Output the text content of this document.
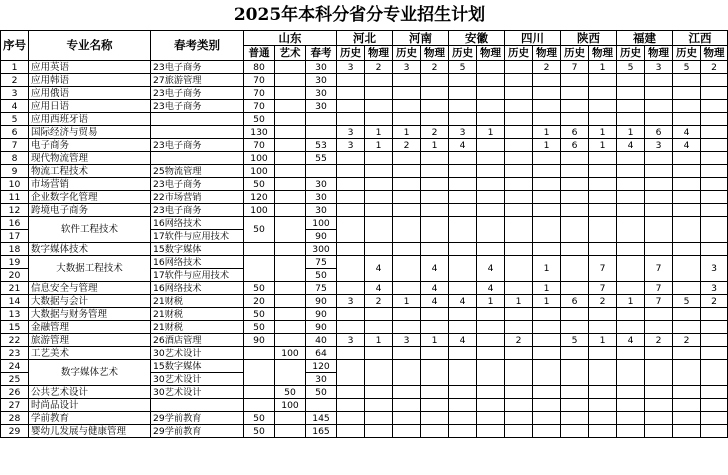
2025年本科分省分专业招生计划
序号	专业名称	春考类别	山东			河北		河南		安徽		四川		陕西		福建		江西	
			普通	艺术	春考	历史	物理	历史	物理	历史	物理	历史	物理	历史	物理	历史	物理	历史	物理
1	应用英语	23电子商务	80		30	3	2	3	2	5			2	7	1	5	3	5	2
2	应用韩语	27旅游管理	70		30														
3	应用俄语	23电子商务	70		30														
4	应用日语	23电子商务	70		30														
5	应用西班牙语		50																
6	国际经济与贸易		130			3	1	1	2	3	1		1	6	1	1	6	4	
7	电子商务	23电子商务	70		53	3	1	2	1	4			1	6	1	4	3	4	
8	现代物流管理		100		55														
9	物流工程技术	25物流管理	100																
10	市场营销	23电子商务	50		30														
11	企业数字化管理	22市场营销	120		30														
12	跨境电子商务	23电子商务	100		30														
16	软件工程技术	16网络技术	50		100														
17		17软件与应用技术			90														
18	数字媒体技术	15数字媒体			300														
19	大数据工程技术	16网络技术			75		4		4		4		1		7		7		3
20		17软件与应用技术			50														
21	信息安全与管理	16网络技术	50		75		4		4		4		1		7		7		3
14	大数据与会计	21财税	20		90	3	2	1	4	4	1	1	1	6	2	1	7	5	2
13	大数据与财务管理	21财税	50		90														
15	金融管理	21财税	50		90														
22	旅游管理	26酒店管理	90		40	3	1	3	1	4		2		5	1	4	2	2	
23	工艺美术	30艺术设计		100	64														
24	数字媒体艺术	15数字媒体			120														
25		30艺术设计			30														
26	公共艺术设计	30艺术设计		50	50														
27	时尚品设计			100															
28	学前教育	29学前教育	50		145														
29	婴幼儿发展与健康管理	29学前教育	50		165														
